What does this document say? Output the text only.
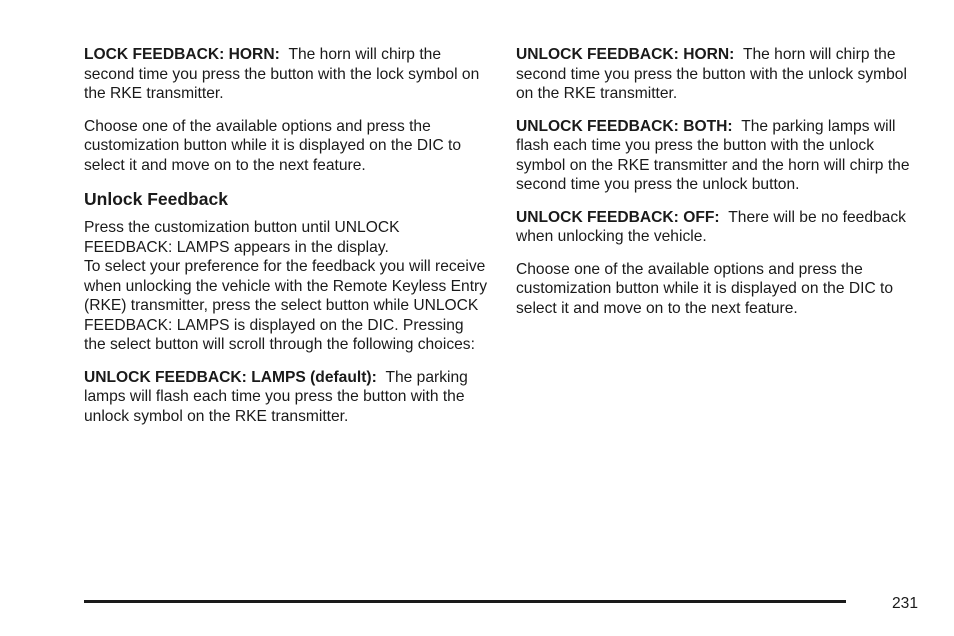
LOCK FEEDBACK: HORN: The horn will chirp the second time you press the button with the lock symbol on the RKE transmitter.

Choose one of the available options and press the customization button while it is displayed on the DIC to select it and move on to the next feature.

Unlock Feedback

Press the customization button until UNLOCK FEEDBACK: LAMPS appears in the display.

To select your preference for the feedback you will receive when unlocking the vehicle with the Remote Keyless Entry (RKE) transmitter, press the select button while UNLOCK FEEDBACK: LAMPS is displayed on the DIC. Pressing the select button will scroll through the following choices:

UNLOCK FEEDBACK: LAMPS (default): The parking lamps will flash each time you press the button with the unlock symbol on the RKE transmitter.

UNLOCK FEEDBACK: HORN: The horn will chirp the second time you press the button with the unlock symbol on the RKE transmitter.

UNLOCK FEEDBACK: BOTH: The parking lamps will flash each time you press the button with the unlock symbol on the RKE transmitter and the horn will chirp the second time you press the unlock button.

UNLOCK FEEDBACK: OFF: There will be no feedback when unlocking the vehicle.

Choose one of the available options and press the customization button while it is displayed on the DIC to select it and move on to the next feature.

231
